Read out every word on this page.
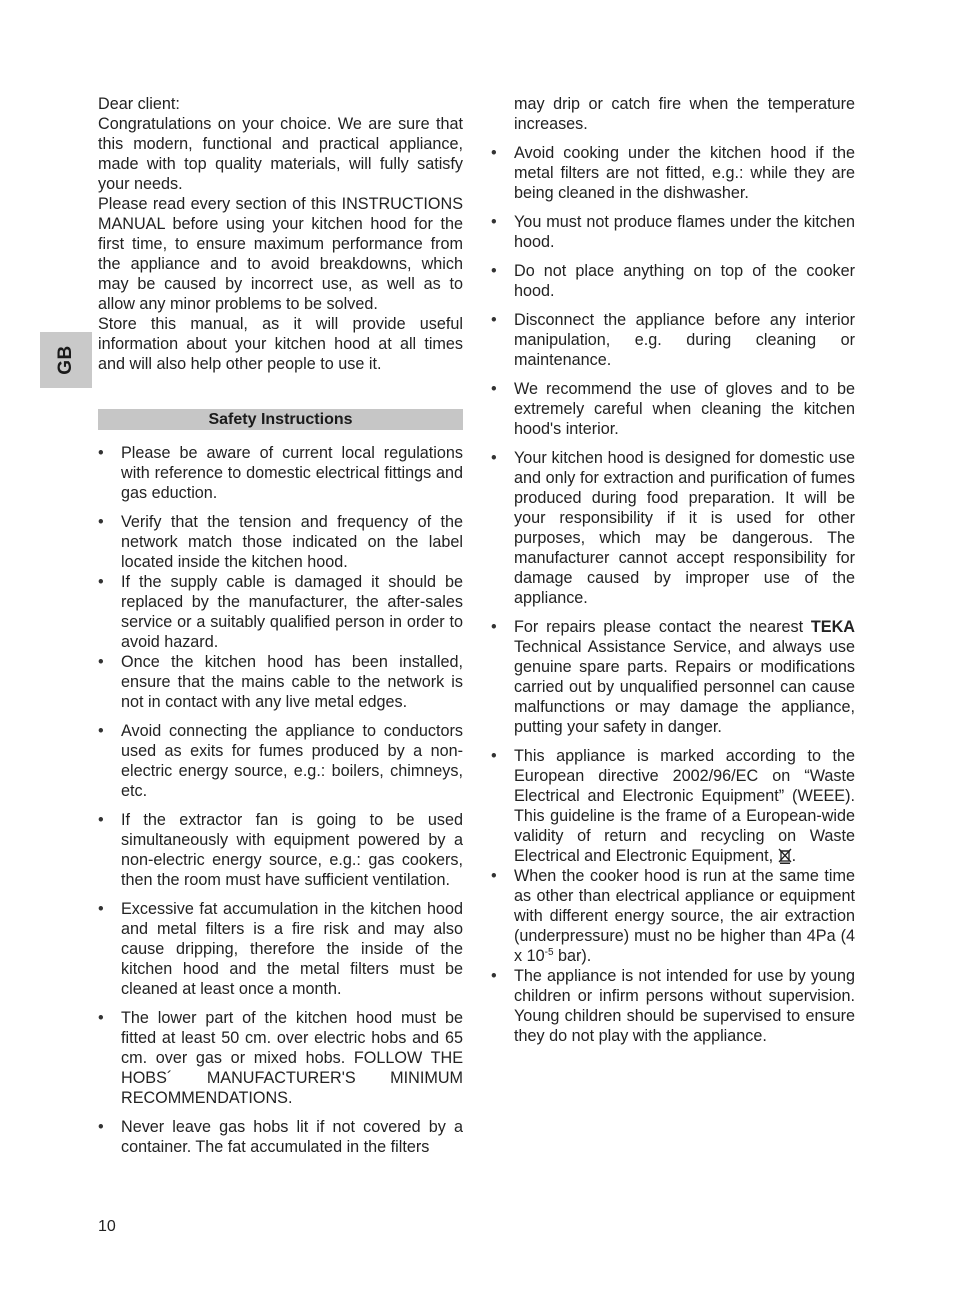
GB

Dear client:

Congratulations on your choice. We are sure that this modern, functional and practical appliance, made with top quality materials, will fully satisfy your needs.

Please read every section of this INSTRUCTIONS MANUAL before using your kitchen hood for the first time, to ensure maximum performance from the appliance and to avoid breakdowns, which may be caused by incorrect use, as well as to allow any minor problems to be solved.

Store this manual, as it will provide useful information about your kitchen hood at all times and will also help other people to use it.

Safety Instructions
• Please be aware of current local regulations with reference to domestic electrical fittings and gas eduction.
• Verify that the tension and frequency of the network match those indicated on the label located inside the kitchen hood.
• If the supply cable is damaged it should be replaced by the manufacturer, the after-sales service or a suitably qualified person in order to avoid hazard.
• Once the kitchen hood has been installed, ensure that the mains cable to the network is not in contact with any live metal edges.
• Avoid connecting the appliance to conductors used as exits for fumes produced by a non-electric energy source, e.g.: boilers, chimneys, etc.
• If the extractor fan is going to be used simultaneously with equipment powered by a non-electric energy source, e.g.: gas cookers, then the room must have sufficient ventilation.
• Excessive fat accumulation in the kitchen hood and metal filters is a fire risk and may also cause dripping, therefore the inside of the kitchen hood and the metal filters must be cleaned at least once a month.
• The lower part of the kitchen hood must be fitted at least 50 cm. over electric hobs and 65 cm. over gas or mixed hobs. FOLLOW THE HOBS´ MANUFACTURER'S MINIMUM RECOMMENDATIONS.
• Never leave gas hobs lit if not covered by a container. The fat accumulated in the filters
may drip or catch fire when the temperature increases.
• Avoid cooking under the kitchen hood if the metal filters are not fitted, e.g.: while they are being cleaned in the dishwasher.
• You must not produce flames under the kitchen hood.
• Do not place anything on top of the cooker hood.
• Disconnect the appliance before any interior manipulation, e.g. during cleaning or maintenance.
• We recommend the use of gloves and to be extremely careful when cleaning the kitchen hood's interior.
• Your kitchen hood is designed for domestic use and only for extraction and purification of fumes produced during food preparation. It will be your responsibility if it is used for other purposes, which may be dangerous. The manufacturer cannot accept responsibility for damage caused by improper use of the appliance.
• For repairs please contact the nearest TEKA Technical Assistance Service, and always use genuine spare parts. Repairs or modifications carried out by unqualified personnel can cause malfunctions or may damage the appliance, putting your safety in danger.
• This appliance is marked according to the European directive 2002/96/EC on “Waste Electrical and Electronic Equipment” (WEEE). This guideline is the frame of a European-wide validity of return and recycling on Waste Electrical and Electronic Equipment, .
• When the cooker hood is run at the same time as other than electrical appliance or equipment with different energy source, the air extraction (underpressure) must no be higher than 4Pa (4 x $10^{-5}$ bar).
• The appliance is not intended for use by young children or infirm persons without supervision. Young children should be supervised to ensure they do not play with the appliance.
10
